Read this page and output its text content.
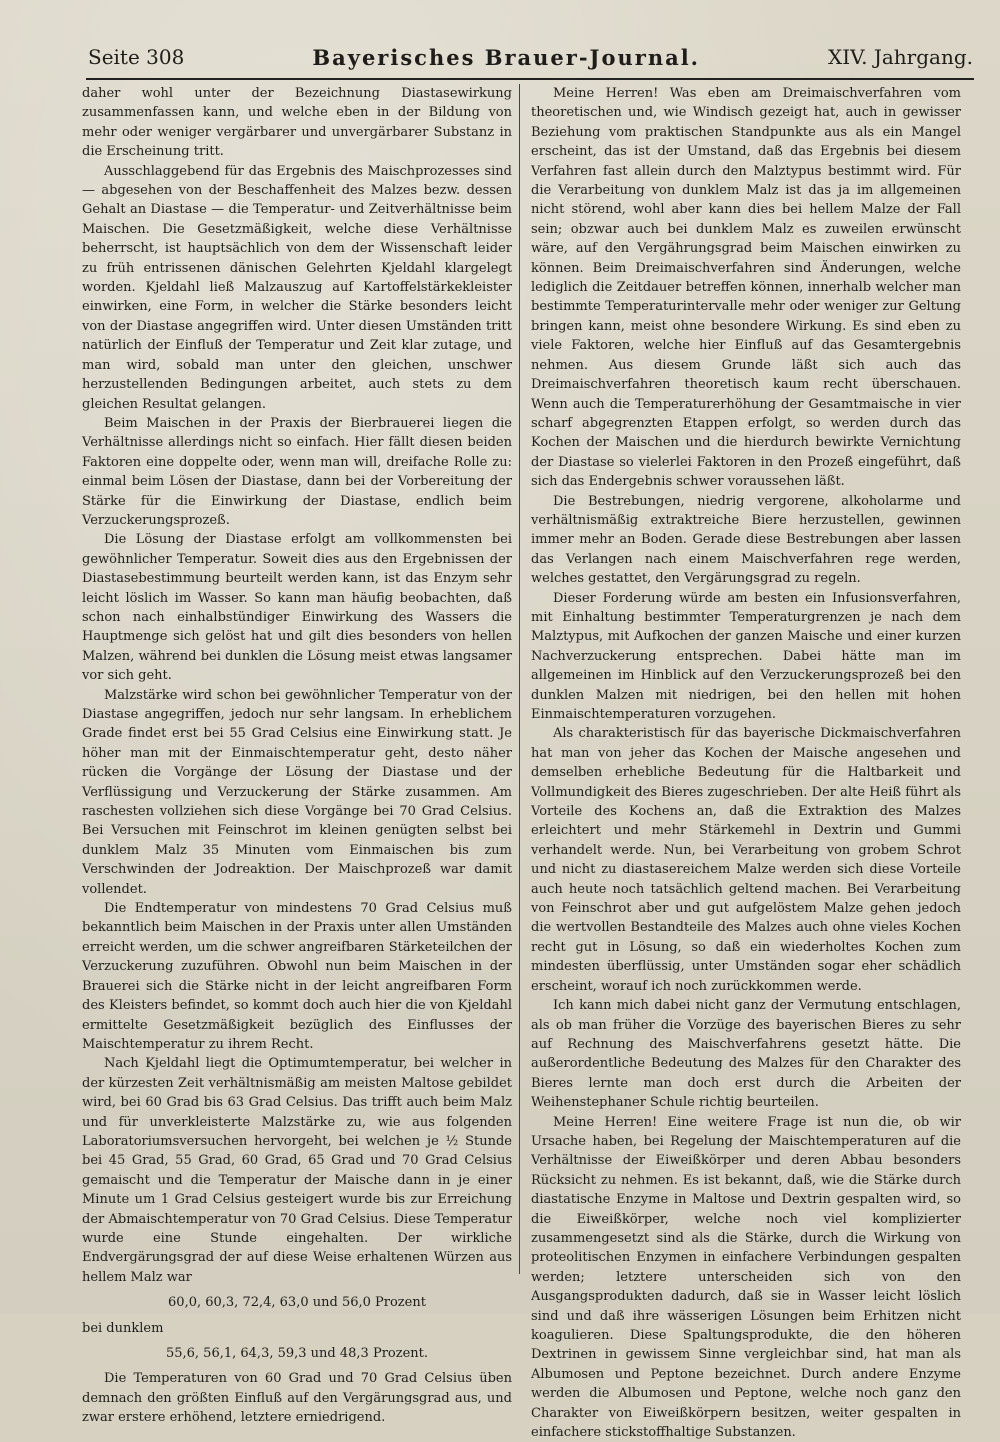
Seite 308	Bayerisches Brauer-Journal.	XIV. Jahrgang.

daher wohl unter der Bezeichnung Diastasewirkung zusammenfassen kann, und welche eben in der Bildung von mehr oder weniger vergärbarer und unvergärbarer Substanz in die Erscheinung tritt.

Ausschlaggebend für das Ergebnis des Maischprozesses sind — abgesehen von der Beschaffenheit des Malzes bezw. dessen Gehalt an Diastase — die Temperatur- und Zeitverhältnisse beim Maischen. Die Gesetzmäßigkeit, welche diese Verhältnisse beherrscht, ist hauptsächlich von dem der Wissenschaft leider zu früh entrissenen dänischen Gelehrten Kjeldahl klargelegt worden. Kjeldahl ließ Malzauszug auf Kartoffelstärkekleister einwirken, eine Form, in welcher die Stärke besonders leicht von der Diastase angegriffen wird. Unter diesen Umständen tritt natürlich der Einfluß der Temperatur und Zeit klar zutage, und man wird, sobald man unter den gleichen, unschwer herzustellenden Bedingungen arbeitet, auch stets zu dem gleichen Resultat gelangen.

Beim Maischen in der Praxis der Bierbrauerei liegen die Verhältnisse allerdings nicht so einfach. Hier fällt diesen beiden Faktoren eine doppelte oder, wenn man will, dreifache Rolle zu: einmal beim Lösen der Diastase, dann bei der Vorbereitung der Stärke für die Einwirkung der Diastase, endlich beim Verzuckerungsprozeß.

Die Lösung der Diastase erfolgt am vollkommensten bei gewöhnlicher Temperatur. Soweit dies aus den Ergebnissen der Diastasebestimmung beurteilt werden kann, ist das Enzym sehr leicht löslich im Wasser. So kann man häufig beobachten, daß schon nach einhalbstündiger Einwirkung des Wassers die Hauptmenge sich gelöst hat und gilt dies besonders von hellen Malzen, während bei dunklen die Lösung meist etwas langsamer vor sich geht.

Malzstärke wird schon bei gewöhnlicher Temperatur von der Diastase angegriffen, jedoch nur sehr langsam. In erheblichem Grade findet erst bei 55 Grad Celsius eine Einwirkung statt. Je höher man mit der Einmaischtemperatur geht, desto näher rücken die Vorgänge der Lösung der Diastase und der Verflüssigung und Verzuckerung der Stärke zusammen. Am raschesten vollziehen sich diese Vorgänge bei 70 Grad Celsius. Bei Versuchen mit Feinschrot im kleinen genügten selbst bei dunklem Malz 35 Minuten vom Einmaischen bis zum Verschwinden der Jodreaktion. Der Maischprozeß war damit vollendet.

Die Endtemperatur von mindestens 70 Grad Celsius muß bekanntlich beim Maischen in der Praxis unter allen Umständen erreicht werden, um die schwer angreifbaren Stärketeilchen der Verzuckerung zuzuführen. Obwohl nun beim Maischen in der Brauerei sich die Stärke nicht in der leicht angreifbaren Form des Kleisters befindet, so kommt doch auch hier die von Kjeldahl ermittelte Gesetzmäßigkeit bezüglich des Einflusses der Maischtemperatur zu ihrem Recht.

Nach Kjeldahl liegt die Optimumtemperatur, bei welcher in der kürzesten Zeit verhältnismäßig am meisten Maltose gebildet wird, bei 60 Grad bis 63 Grad Celsius. Das trifft auch beim Malz und für unverkleisterte Malzstärke zu, wie aus folgenden Laboratoriumsversuchen hervorgeht, bei welchen je ½ Stunde bei 45 Grad, 55 Grad, 60 Grad, 65 Grad und 70 Grad Celsius gemaischt und die Temperatur der Maische dann in je einer Minute um 1 Grad Celsius gesteigert wurde bis zur Erreichung der Abmaischtemperatur von 70 Grad Celsius. Diese Temperatur wurde eine Stunde eingehalten. Der wirkliche Endvergärungsgrad der auf diese Weise erhaltenen Würzen aus hellem Malz war

60,0, 60,3, 72,4, 63,0 und 56,0 Prozent

bei dunklem

55,6, 56,1, 64,3, 59,3 und 48,3 Prozent.

Die Temperaturen von 60 Grad und 70 Grad Celsius üben demnach den größten Einfluß auf den Vergärungsgrad aus, und zwar erstere erhöhend, letztere erniedrigend.

Meine Herren! Was eben am Dreimaischverfahren vom theoretischen und, wie Windisch gezeigt hat, auch in gewisser Beziehung vom praktischen Standpunkte aus als ein Mangel erscheint, das ist der Umstand, daß das Ergebnis bei diesem Verfahren fast allein durch den Malztypus bestimmt wird. Für die Verarbeitung von dunklem Malz ist das ja im allgemeinen nicht störend, wohl aber kann dies bei hellem Malze der Fall sein; obzwar auch bei dunklem Malz es zuweilen erwünscht wäre, auf den Vergährungsgrad beim Maischen einwirken zu können. Beim Dreimaischverfahren sind Änderungen, welche lediglich die Zeitdauer betreffen können, innerhalb welcher man bestimmte Temperaturintervalle mehr oder weniger zur Geltung bringen kann, meist ohne besondere Wirkung. Es sind eben zu viele Faktoren, welche hier Einfluß auf das Gesamtergebnis nehmen. Aus diesem Grunde läßt sich auch das Dreimaischverfahren theoretisch kaum recht überschauen. Wenn auch die Temperaturerhöhung der Gesamtmaische in vier scharf abgegrenzten Etappen erfolgt, so werden durch das Kochen der Maischen und die hierdurch bewirkte Vernichtung der Diastase so vielerlei Faktoren in den Prozeß eingeführt, daß sich das Endergebnis schwer voraussehen läßt.

Die Bestrebungen, niedrig vergorene, alkoholarme und verhältnismäßig extraktreiche Biere herzustellen, gewinnen immer mehr an Boden. Gerade diese Bestrebungen aber lassen das Verlangen nach einem Maischverfahren rege werden, welches gestattet, den Vergärungsgrad zu regeln.

Dieser Forderung würde am besten ein Infusionsverfahren, mit Einhaltung bestimmter Temperaturgrenzen je nach dem Malztypus, mit Aufkochen der ganzen Maische und einer kurzen Nachverzuckerung entsprechen. Dabei hätte man im allgemeinen im Hinblick auf den Verzuckerungsprozeß bei den dunklen Malzen mit niedrigen, bei den hellen mit hohen Einmaischtemperaturen vorzugehen.

Als charakteristisch für das bayerische Dickmaischverfahren hat man von jeher das Kochen der Maische angesehen und demselben erhebliche Bedeutung für die Haltbarkeit und Vollmundigkeit des Bieres zugeschrieben. Der alte Heiß führt als Vorteile des Kochens an, daß die Extraktion des Malzes erleichtert und mehr Stärkemehl in Dextrin und Gummi verhandelt werde. Nun, bei Verarbeitung von grobem Schrot und nicht zu diastasereichem Malze werden sich diese Vorteile auch heute noch tatsächlich geltend machen. Bei Verarbeitung von Feinschrot aber und gut aufgelöstem Malze gehen jedoch die wertvollen Bestandteile des Malzes auch ohne vieles Kochen recht gut in Lösung, so daß ein wiederholtes Kochen zum mindesten überflüssig, unter Umständen sogar eher schädlich erscheint, worauf ich noch zurückkommen werde.

Ich kann mich dabei nicht ganz der Vermutung entschlagen, als ob man früher die Vorzüge des bayerischen Bieres zu sehr auf Rechnung des Maischverfahrens gesetzt hätte. Die außerordentliche Bedeutung des Malzes für den Charakter des Bieres lernte man doch erst durch die Arbeiten der Weihenstephaner Schule richtig beurteilen.

Meine Herren! Eine weitere Frage ist nun die, ob wir Ursache haben, bei Regelung der Maischtemperaturen auf die Verhältnisse der Eiweißkörper und deren Abbau besonders Rücksicht zu nehmen. Es ist bekannt, daß, wie die Stärke durch diastatische Enzyme in Maltose und Dextrin gespalten wird, so die Eiweißkörper, welche noch viel komplizierter zusammengesetzt sind als die Stärke, durch die Wirkung von proteolitischen Enzymen in einfachere Verbindungen gespalten werden; letztere unterscheiden sich von den Ausgangsprodukten dadurch, daß sie in Wasser leicht löslich sind und daß ihre wässerigen Lösungen beim Erhitzen nicht koagulieren. Diese Spaltungsprodukte, die den höheren Dextrinen in gewissem Sinne vergleichbar sind, hat man als Albumosen und Peptone bezeichnet. Durch andere Enzyme werden die Albumosen und Peptone, welche noch ganz den Charakter von Eiweißkörpern besitzen, weiter gespalten in einfachere stickstoffhaltige Substanzen.
